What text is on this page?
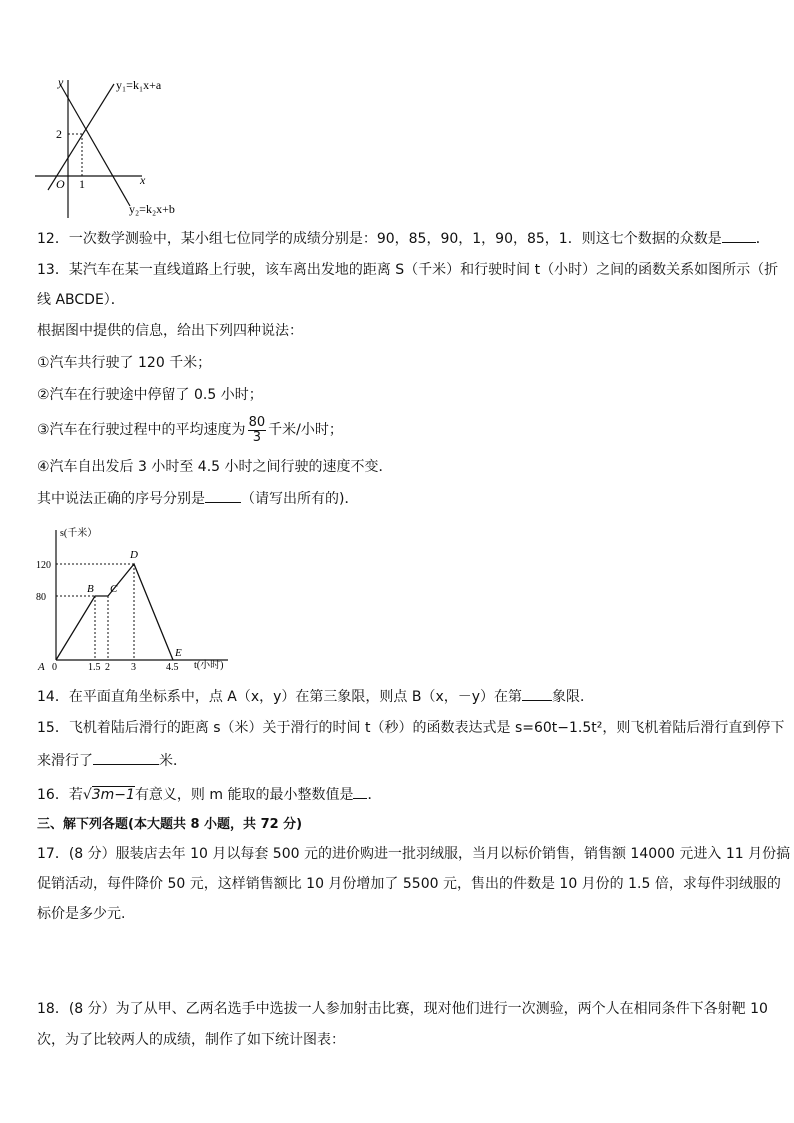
y
x
O 1
2
y₁=k₁x+a
y₂=k₂x+b
12．一次数学测验中，某小组七位同学的成绩分别是：90，85，90，1，90，85，1．则这七个数据的众数是 ．
13．某汽车在某一直线道路上行驶，该车离出发地的距离 S（千米）和行驶时间 t（小时）之间的函数关系如图所示（折
线 ABCDE）．
根据图中提供的信息，给出下列四种说法：
①汽车共行驶了 120 千米；
②汽车在行驶途中停留了 0.5 小时；
③汽车在行驶过程中的平均速度为 $\frac{80}{3}$ 千米/小时；
④汽车自出发后 3 小时至 4.5 小时之间行驶的速度不变．
其中说法正确的序号分别是	（请写出所有的)．
s(千米）
t(小时)
0
A	1.5 2 3	4.5
80
120
B C
D
E
14．在平面直角坐标系中，点 A（x，y）在第三象限，则点 B（x，－y）在第 象限．
15．飞机着陆后滑行的距离 s（米）关于滑行的时间 t（秒）的函数表达式是 s=60t−1.5t²，则飞机着陆后滑行直到停下
来滑行了	米．
16．若√3m−1有意义，则 m 能取的最小整数值是 ．
三、解下列各题(本大题共 8 小题，共 72 分)
17．(8 分）服装店去年 10 月以每套 500 元的进价购进一批羽绒服，当月以标价销售，销售额 14000 元进入 11 月份搞
促销活动，每件降价 50 元，这样销售额比 10 月份增加了 5500 元，售出的件数是 10 月份的 1.5 倍，求每件羽绒服的
标价是多少元.
18．(8 分）为了从甲、乙两名选手中选拔一人参加射击比赛，现对他们进行一次测验，两个人在相同条件下各射靶 10
次，为了比较两人的成绩，制作了如下统计图表：
